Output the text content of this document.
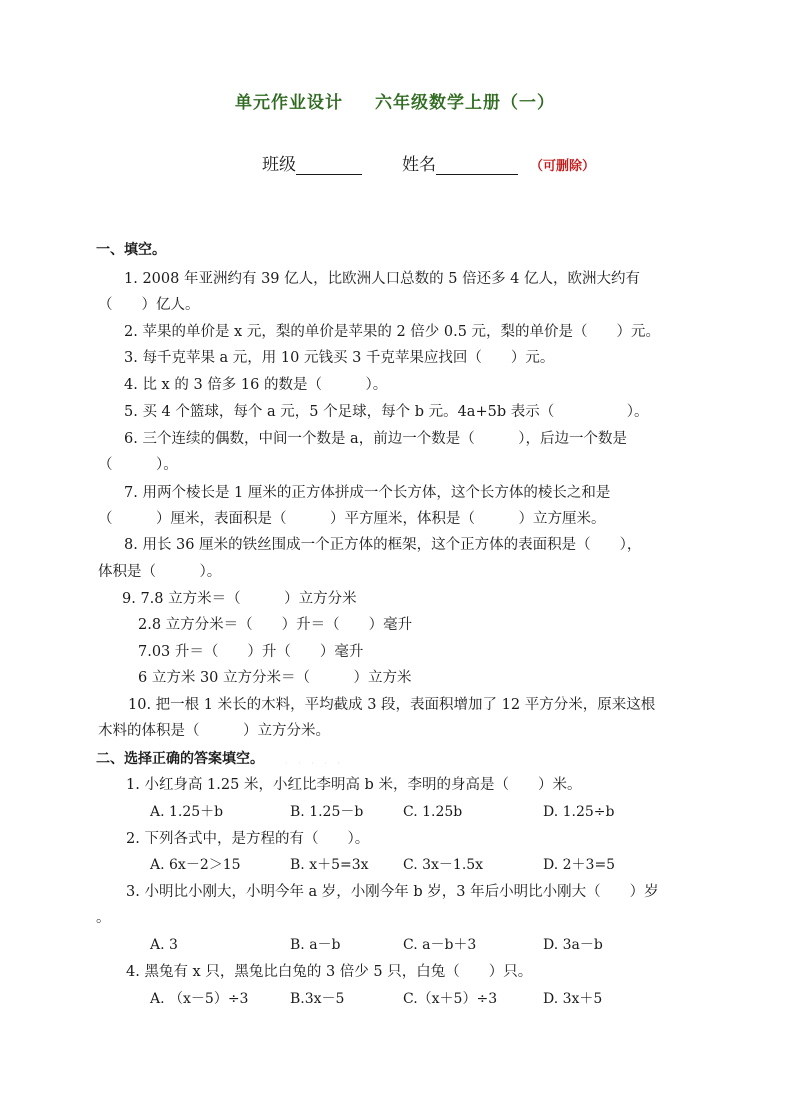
单元作业设计 六年级数学上册（一）
班级	姓名	（可删除）
一、填空。
1. 2008 年亚洲约有 39 亿人，比欧洲人口总数的 5 倍还多 4 亿人，欧洲大约有
（　　）亿人。
2. 苹果的单价是 x 元，梨的单价是苹果的 2 倍少 0.5 元，梨的单价是（　　）元。
3. 每千克苹果 a 元，用 10 元钱买 3 千克苹果应找回（　　）元。
4. 比 x 的 3 倍多 16 的数是（　　　）。
5. 买 4 个篮球，每个 a 元，5 个足球，每个 b 元。4a+5b 表示（　　　　　）。
6. 三个连续的偶数，中间一个数是 a，前边一个数是（　　　），后边一个数是
（　　　）。
7. 用两个棱长是 1 厘米的正方体拼成一个长方体，这个长方体的棱长之和是
（　　　）厘米，表面积是（　　　）平方厘米，体积是（　　　）立方厘米。
8. 用长 36 厘米的铁丝围成一个正方体的框架，这个正方体的表面积是（　　），
体积是（　　　）。
9. 7.8 立方米＝（　　　）立方分米
2.8 立方分米＝（　　）升＝（　　）毫升
7.03 升＝（　　）升（　　）毫升
6 立方米 30 立方分米＝（　　　）立方米
10. 把一根 1 米长的木料，平均截成 3 段，表面积增加了 12 平方分米，原来这根
木料的体积是（　　　）立方分米。
二、选择正确的答案填空。	· · · · ·
1. 小红身高 1.25 米，小红比李明高 b 米，李明的身高是（　　）米。
A. 1.25＋b	B. 1.25－b	C. 1.25b	D. 1.25÷b
2. 下列各式中，是方程的有（　　）。
A. 6x－2＞15	B. x＋5=3x C. 3x－1.5x	D. 2＋3=5
3. 小明比小刚大，小明今年 a 岁，小刚今年 b 岁，3 年后小明比小刚大（　　）岁
。
A. 3	B. a－b	C. a－b＋3	D. 3a－b
4. 黑兔有 x 只，黑兔比白兔的 3 倍少 5 只，白兔（　　）只。
A. （x－5）÷3	B.3x－5	C.（x＋5）÷3	D. 3x＋5
